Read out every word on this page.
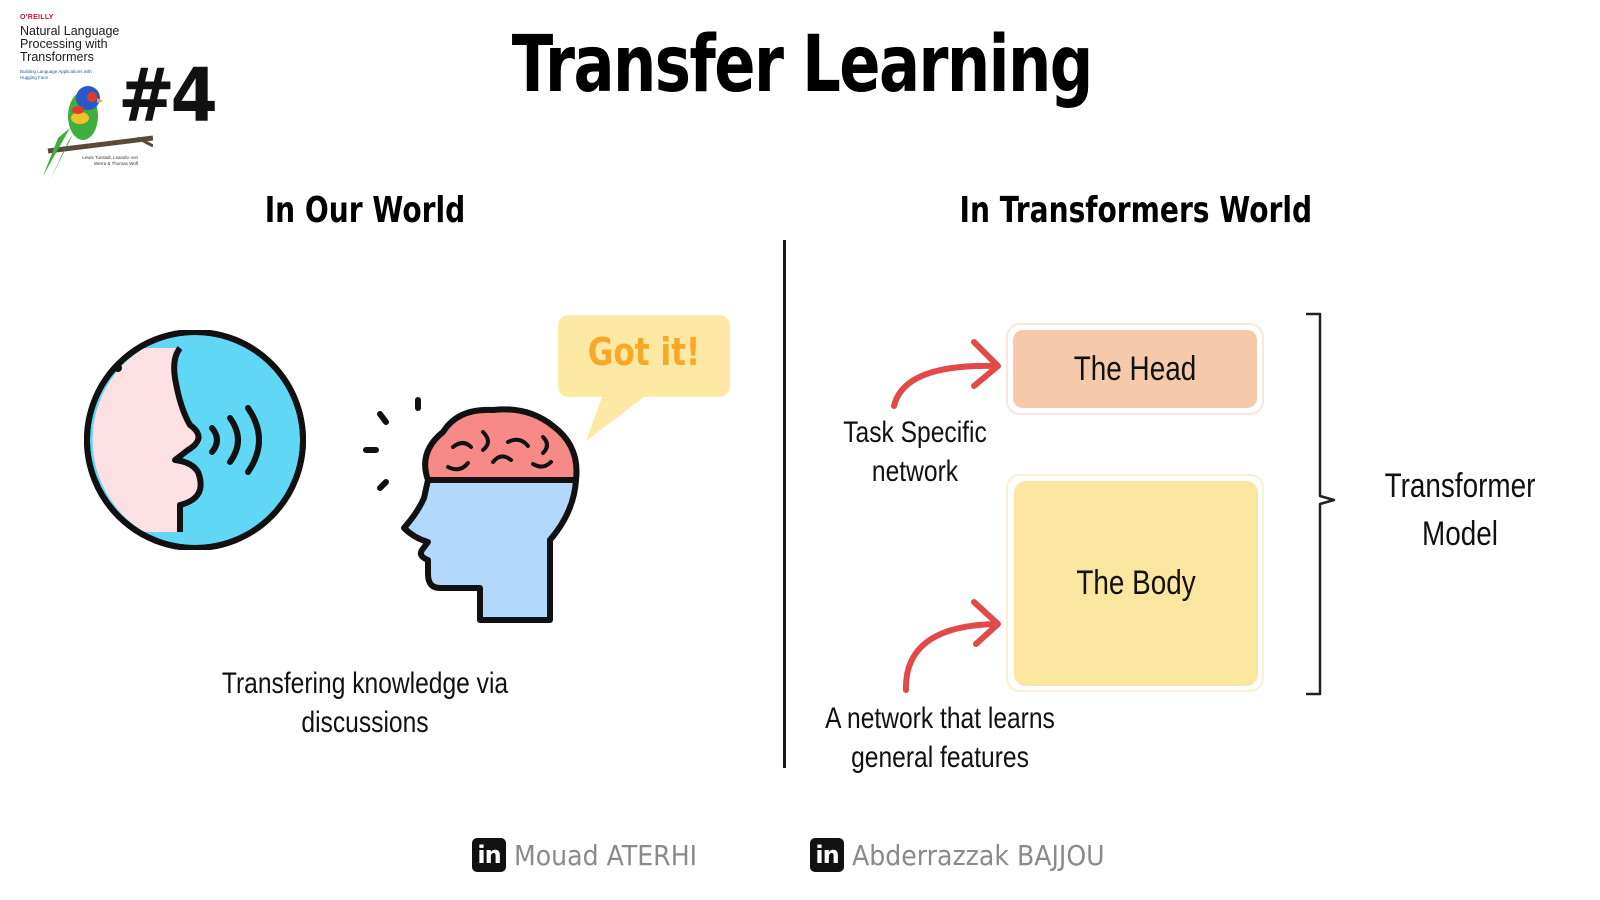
O'REILLY
Natural Language Processing with Transformers
Building Language Applications with Hugging Face
Lewis Tunstall, Leandro von Werra & Thomas Wolf
#4	Transfer Learning
In Our World
Got it!
Transfering knowledge via discussions
In Transformers World
The Head
The Body
Task Specific network
A network that learns general features
Transformer Model
in Mouad ATERHI	in Abderrazzak BAJJOU
